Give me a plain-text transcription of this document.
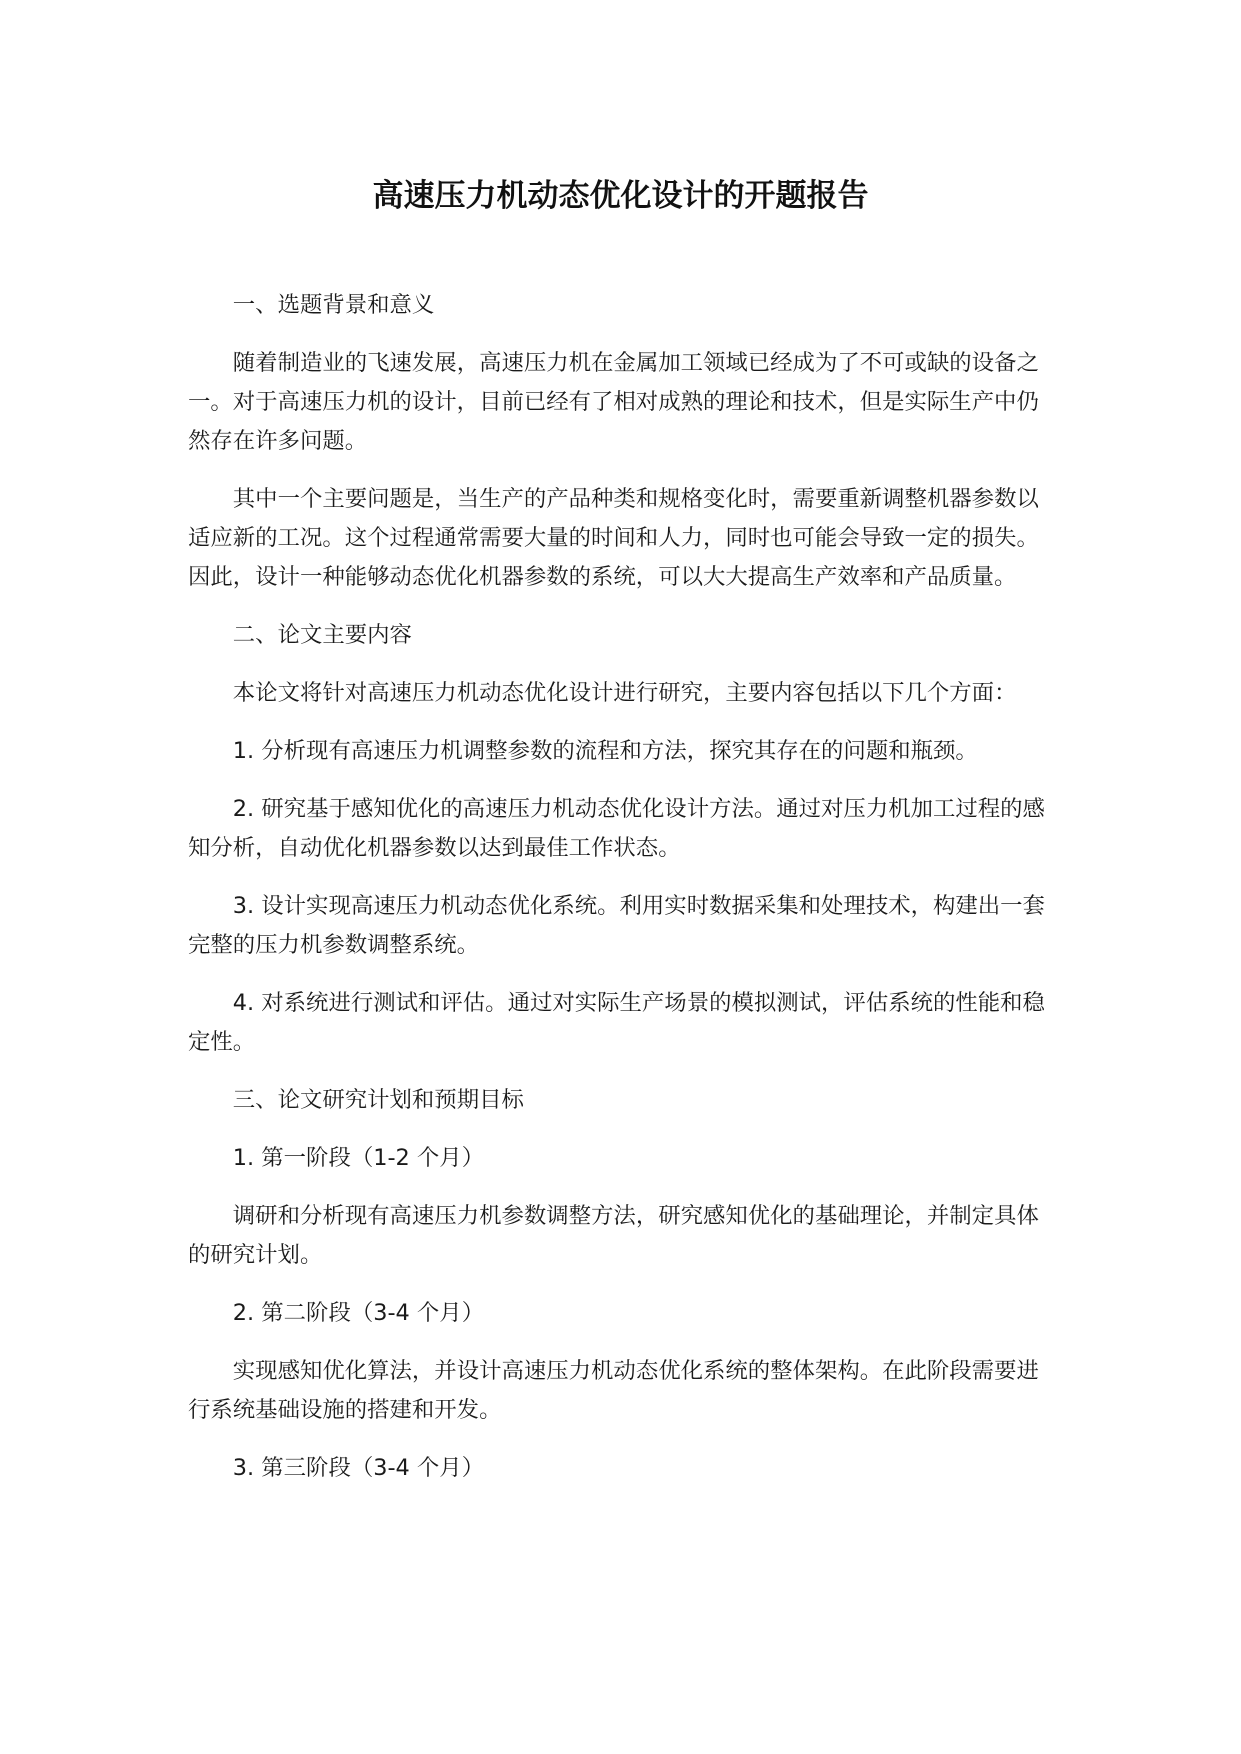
高速压力机动态优化设计的开题报告

一、选题背景和意义

随着制造业的飞速发展，高速压力机在金属加工领域已经成为了不可或缺的设备之一。对于高速压力机的设计，目前已经有了相对成熟的理论和技术，但是实际生产中仍然存在许多问题。

其中一个主要问题是，当生产的产品种类和规格变化时，需要重新调整机器参数以适应新的工况。这个过程通常需要大量的时间和人力，同时也可能会导致一定的损失。因此，设计一种能够动态优化机器参数的系统，可以大大提高生产效率和产品质量。

二、论文主要内容

本论文将针对高速压力机动态优化设计进行研究，主要内容包括以下几个方面：

1. 分析现有高速压力机调整参数的流程和方法，探究其存在的问题和瓶颈。

2. 研究基于感知优化的高速压力机动态优化设计方法。通过对压力机加工过程的感知分析，自动优化机器参数以达到最佳工作状态。

3. 设计实现高速压力机动态优化系统。利用实时数据采集和处理技术，构建出一套完整的压力机参数调整系统。

4. 对系统进行测试和评估。通过对实际生产场景的模拟测试，评估系统的性能和稳定性。

三、论文研究计划和预期目标

1. 第一阶段（1-2 个月）

调研和分析现有高速压力机参数调整方法，研究感知优化的基础理论，并制定具体的研究计划。

2. 第二阶段（3-4 个月）

实现感知优化算法，并设计高速压力机动态优化系统的整体架构。在此阶段需要进行系统基础设施的搭建和开发。

3. 第三阶段（3-4 个月）
